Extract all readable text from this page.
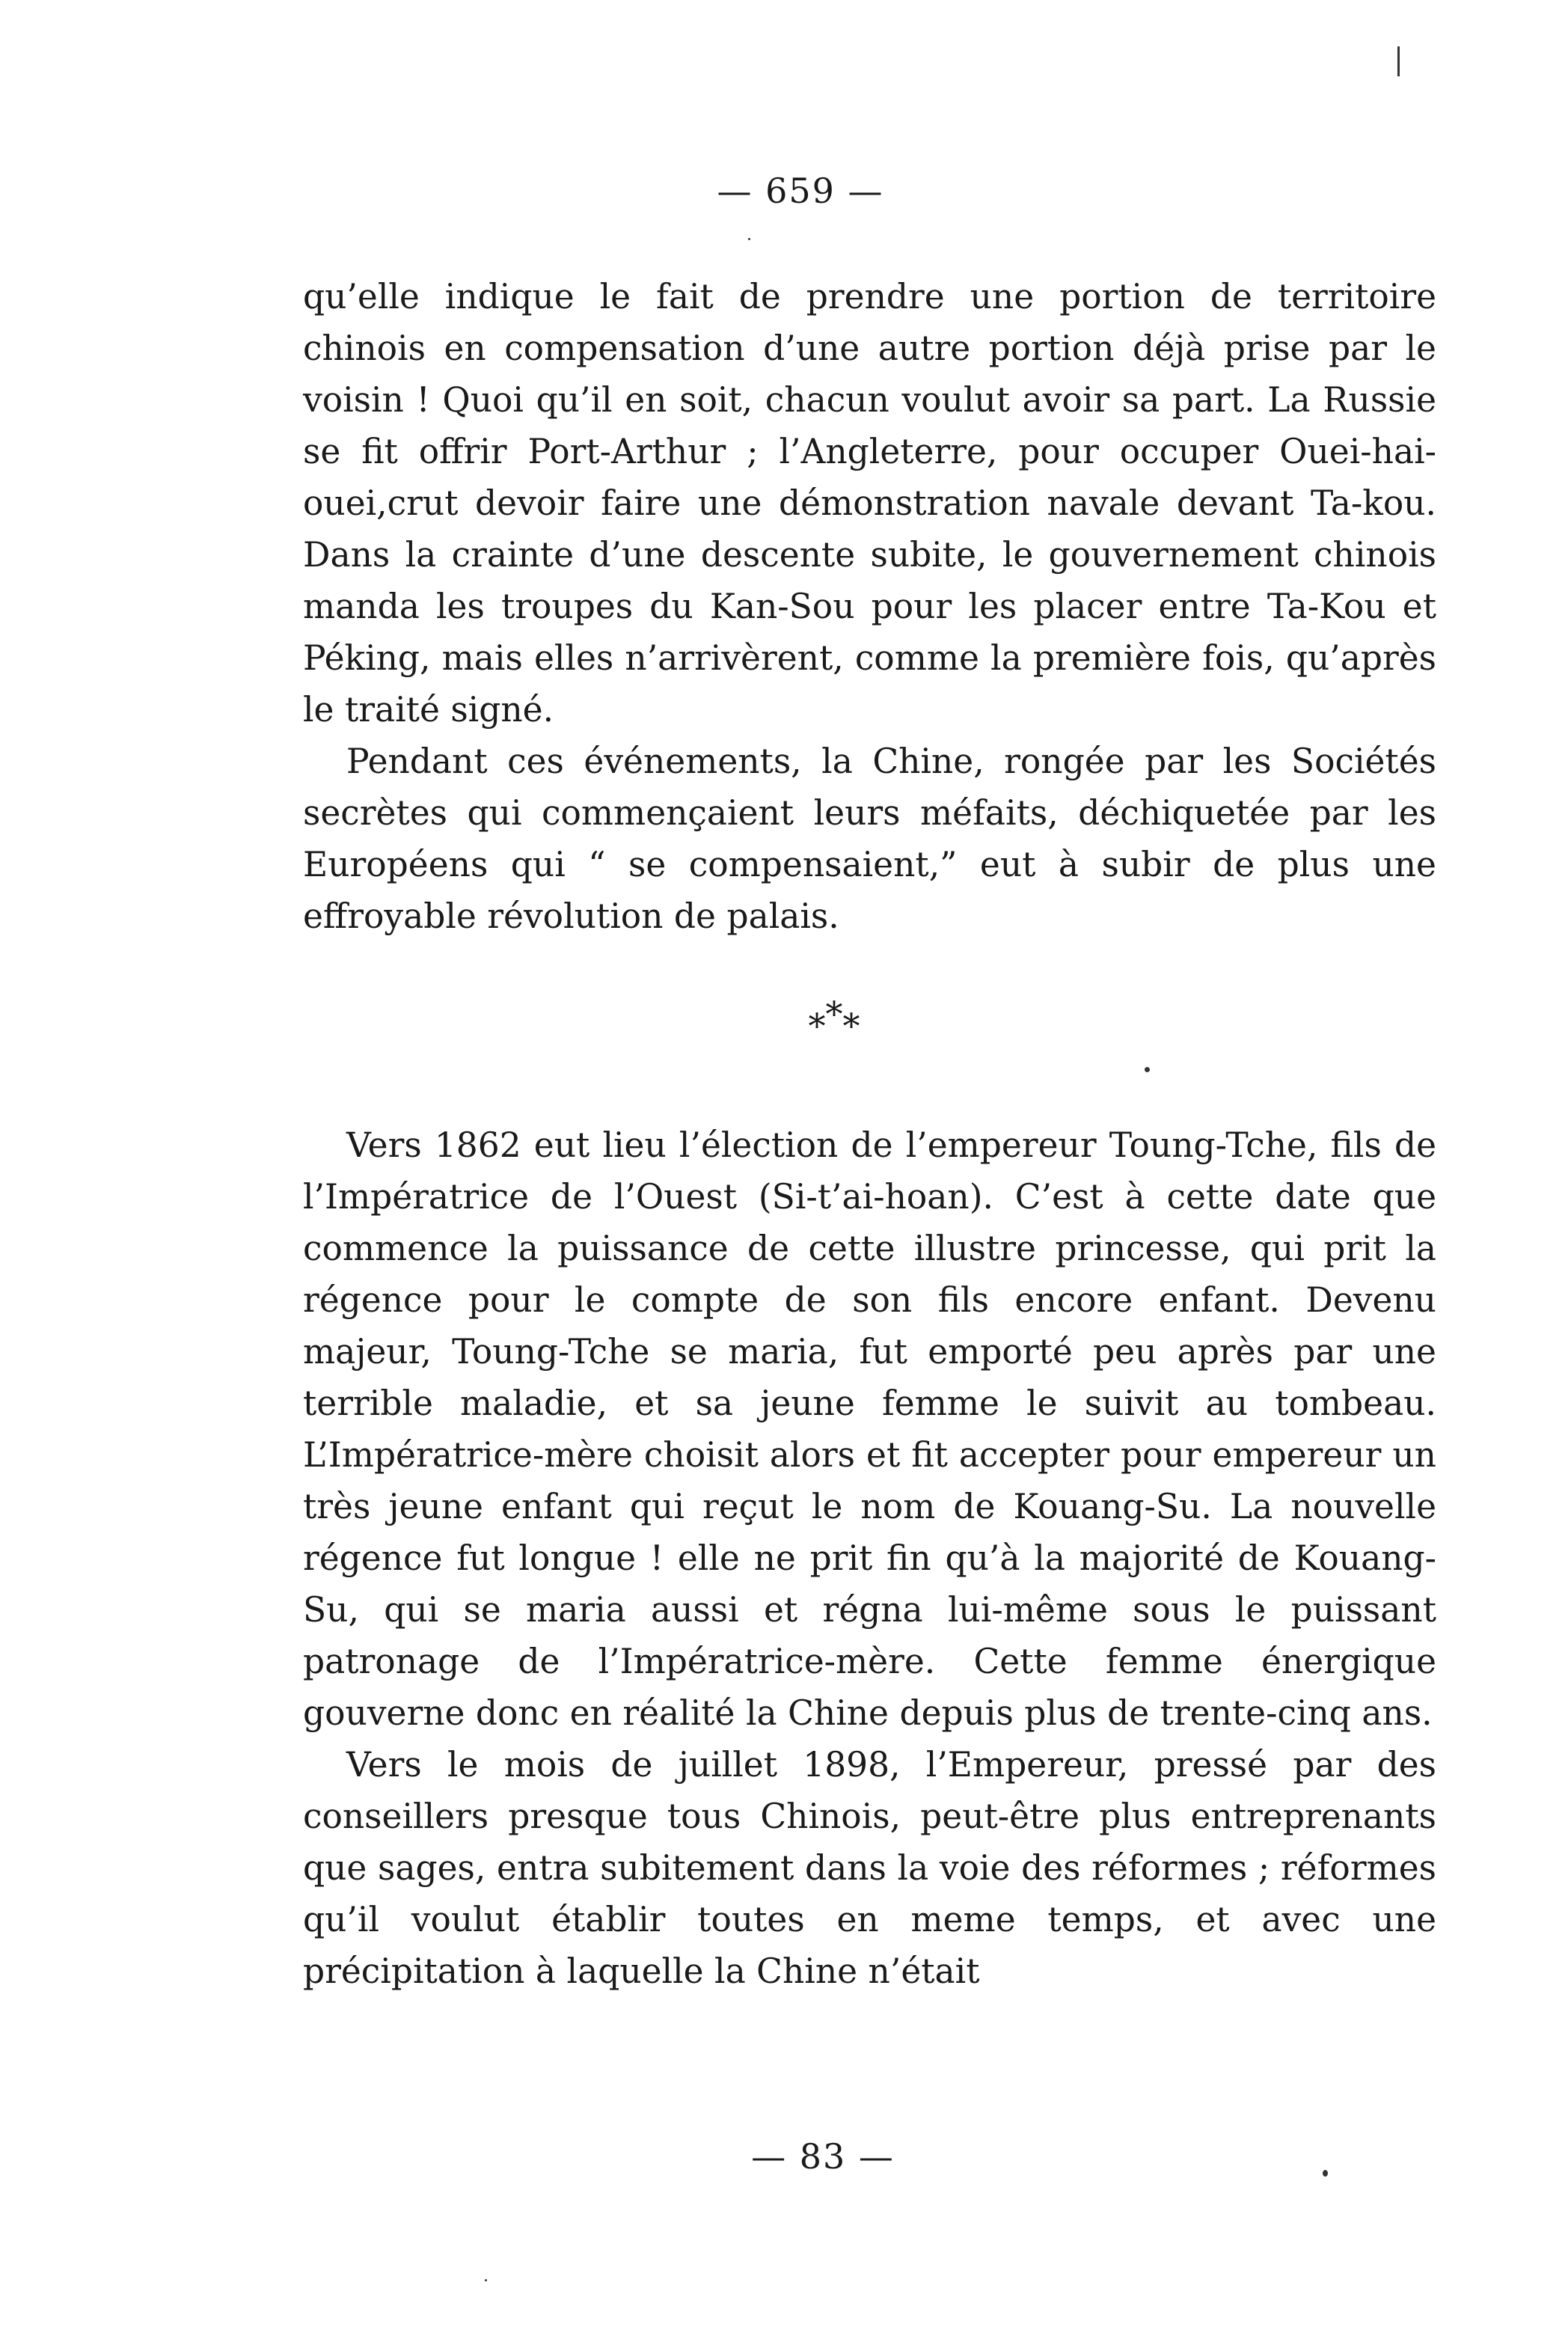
— 659 —

qu’elle indique le fait de prendre une portion de territoire chinois en compensation d’une autre portion déjà prise par le voisin ! Quoi qu’il en soit, chacun voulut avoir sa part. La Russie se fit offrir Port-Arthur ; l’Angleterre, pour occuper Ouei-hai-ouei,crut devoir faire une démonstration navale devant Ta-kou. Dans la crainte d’une descente subite, le gouvernement chinois manda les troupes du Kan-Sou pour les placer entre Ta-Kou et Péking, mais elles n’arrivèrent, comme la première fois, qu’après le traité signé.

Pendant ces événements, la Chine, rongée par les Sociétés secrètes qui commençaient leurs méfaits, déchiquetée par les Européens qui “ se compensaient,” eut à subir de plus une effroyable révolution de palais.

***

Vers 1862 eut lieu l’élection de l’empereur Toung-Tche, fils de l’Impératrice de l’Ouest (Si-t’ai-hoan). C’est à cette date que commence la puissance de cette illustre princesse, qui prit la régence pour le compte de son fils encore enfant. Devenu majeur, Toung-Tche se maria, fut emporté peu après par une terrible maladie, et sa jeune femme le suivit au tombeau. L’Impératrice-mère choisit alors et fit accepter pour empereur un très jeune enfant qui reçut le nom de Kouang-Su. La nouvelle régence fut longue ! elle ne prit fin qu’à la majorité de Kouang-Su, qui se maria aussi et régna lui-même sous le puissant patronage de l’Impératrice-mère. Cette femme énergique gouverne donc en réalité la Chine depuis plus de trente-cinq ans.

Vers le mois de juillet 1898, l’Empereur, pressé par des conseillers presque tous Chinois, peut-être plus entreprenants que sages, entra subitement dans la voie des réformes ; réformes qu’il voulut établir toutes en meme temps, et avec une précipitation à laquelle la Chine n’était

— 83 —
